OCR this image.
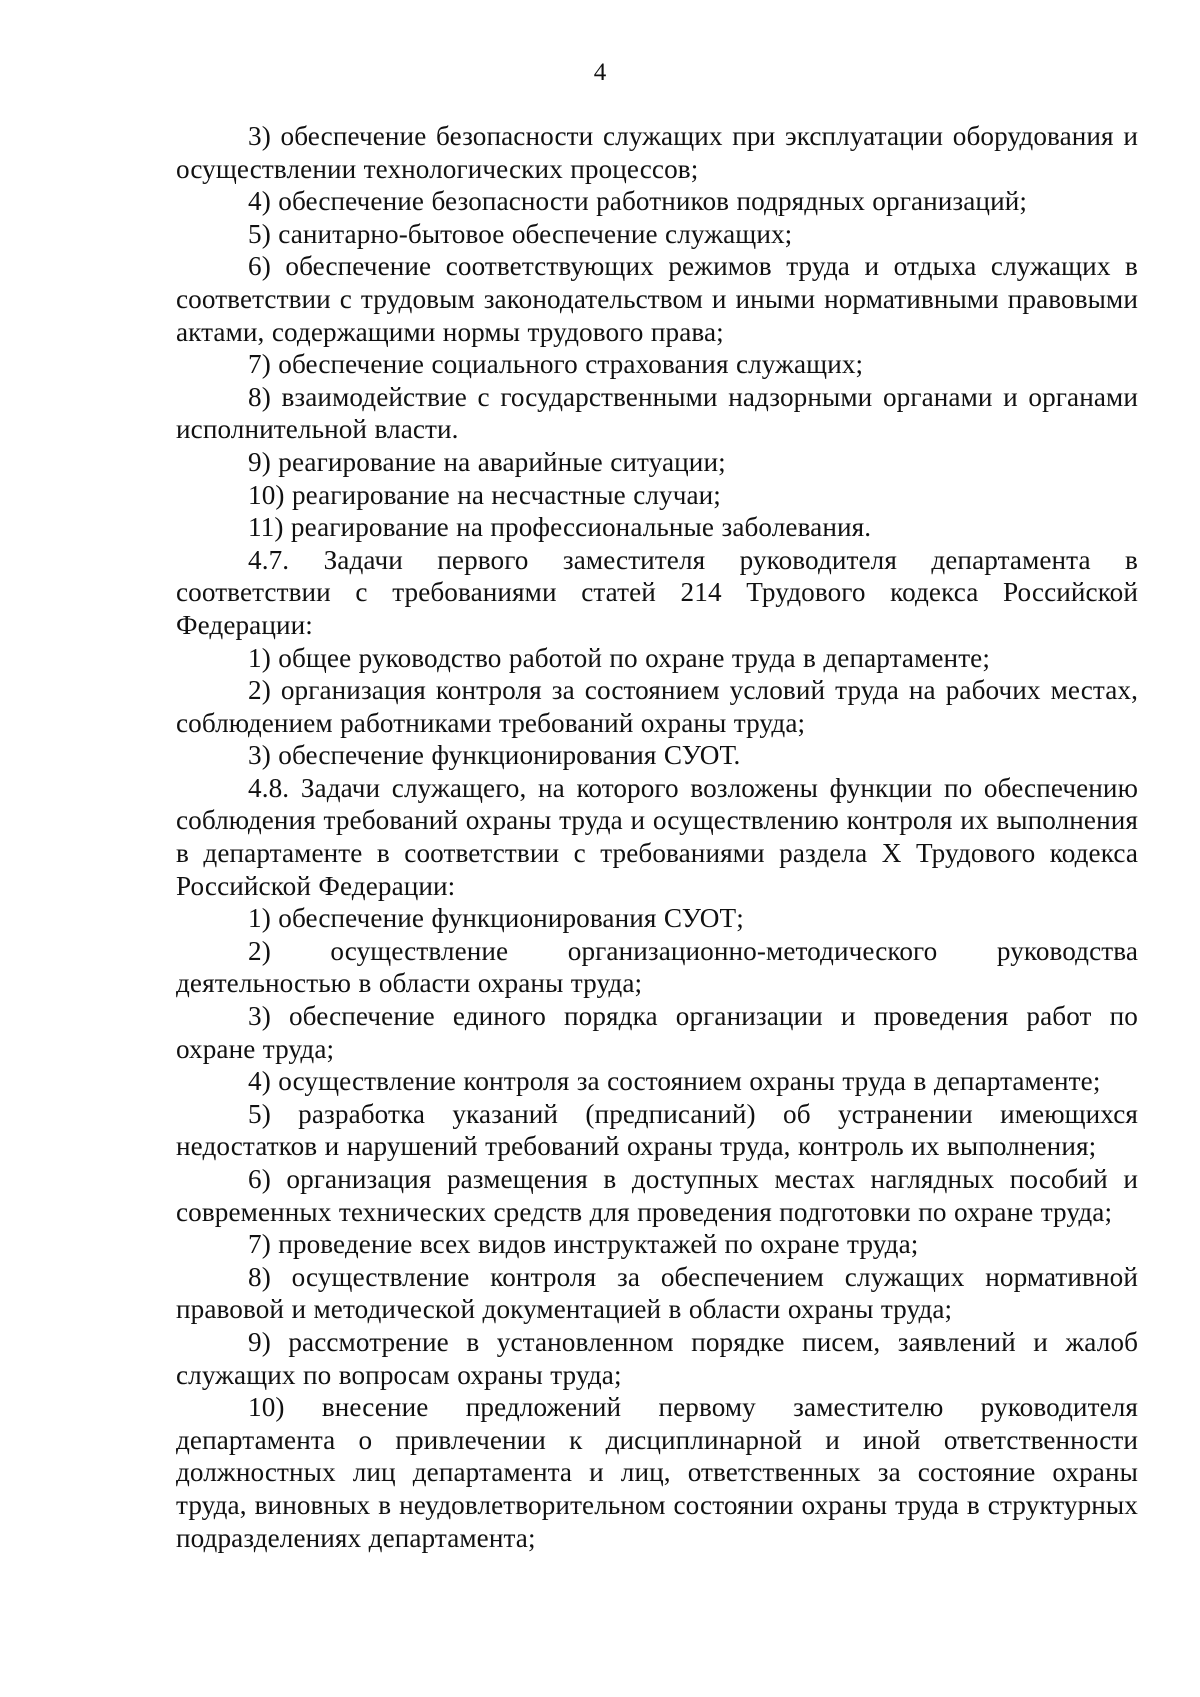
4

3) обеспечение безопасности служащих при эксплуатации оборудования и осуществлении технологических процессов;

4) обеспечение безопасности работников подрядных организаций;

5) санитарно-бытовое обеспечение служащих;

6) обеспечение соответствующих режимов труда и отдыха служащих в соответствии с трудовым законодательством и иными нормативными правовыми актами, содержащими нормы трудового права;

7) обеспечение социального страхования служащих;

8) взаимодействие с государственными надзорными органами и органами исполнительной власти.

9) реагирование на аварийные ситуации;

10) реагирование на несчастные случаи;

11) реагирование на профессиональные заболевания.

4.7. Задачи первого заместителя руководителя департамента в соответствии с требованиями статей 214 Трудового кодекса Российской Федерации:

1) общее руководство работой по охране труда в департаменте;

2) организация контроля за состоянием условий труда на рабочих местах, соблюдением работниками требований охраны труда;

3) обеспечение функционирования СУОТ.

4.8. Задачи служащего, на которого возложены функции по обеспечению соблюдения требований охраны труда и осуществлению контроля их выполнения в департаменте в соответствии с требованиями раздела X Трудового кодекса Российской Федерации:

1) обеспечение функционирования СУОТ;

2) осуществление организационно-методического руководства деятельностью в области охраны труда;

3) обеспечение единого порядка организации и проведения работ по охране труда;

4) осуществление контроля за состоянием охраны труда в департаменте;

5) разработка указаний (предписаний) об устранении имеющихся недостатков и нарушений требований охраны труда, контроль их выполнения;

6) организация размещения в доступных местах наглядных пособий и современных технических средств для проведения подготовки по охране труда;

7) проведение всех видов инструктажей по охране труда;

8) осуществление контроля за обеспечением служащих нормативной правовой и методической документацией в области охраны труда;

9) рассмотрение в установленном порядке писем, заявлений и жалоб служащих по вопросам охраны труда;

10) внесение предложений первому заместителю руководителя департамента о привлечении к дисциплинарной и иной ответственности должностных лиц департамента и лиц, ответственных за состояние охраны труда, виновных в неудовлетворительном состоянии охраны труда в структурных подразделениях департамента;
